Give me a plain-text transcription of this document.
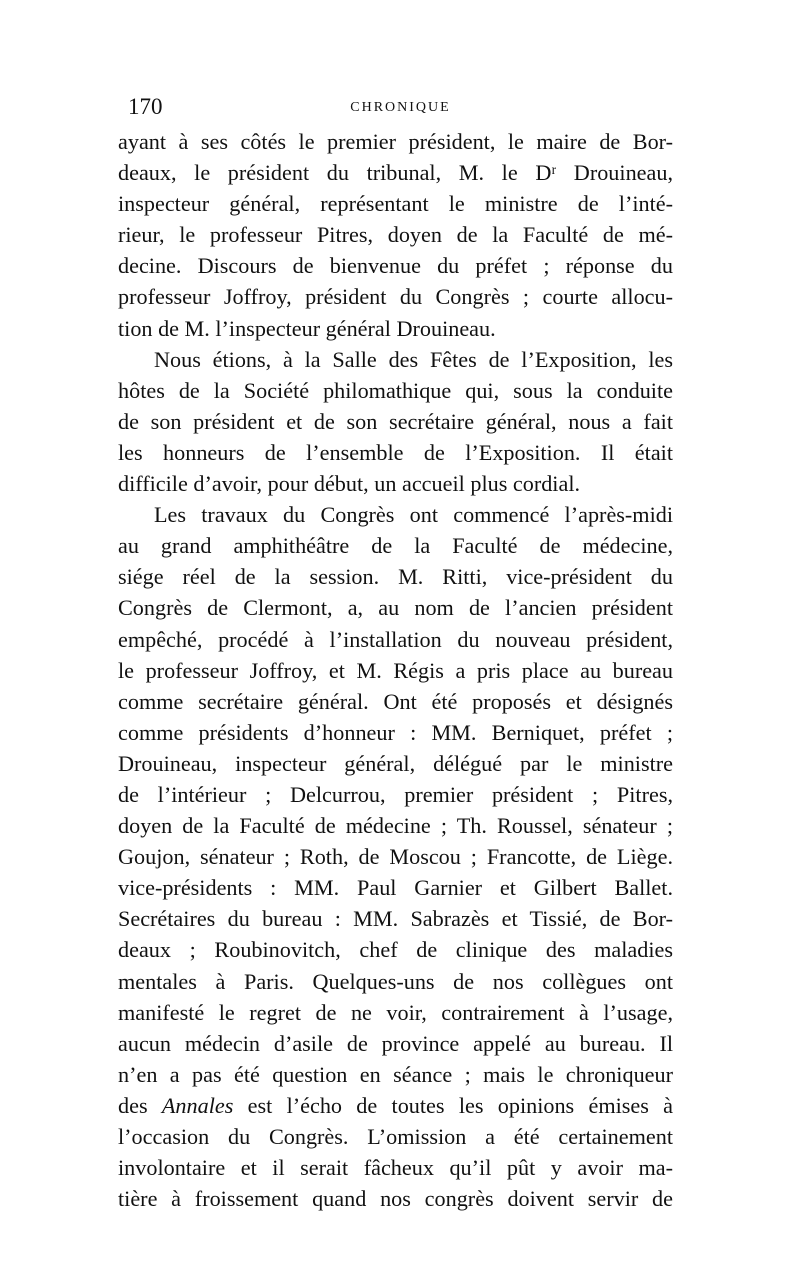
170	CHRONIQUE
ayant à ses côtés le premier président, le maire de Bor-
deaux, le président du tribunal, M. le Dʳ Drouineau,
inspecteur général, représentant le ministre de l’inté-
rieur, le professeur Pitres, doyen de la Faculté de mé-
decine. Discours de bienvenue du préfet ; réponse du
professeur Joffroy, président du Congrès ; courte allocu-
tion de M. l’inspecteur général Drouineau.
Nous étions, à la Salle des Fêtes de l’Exposition, les
hôtes de la Société philomathique qui, sous la conduite
de son président et de son secrétaire général, nous a fait
les honneurs de l’ensemble de l’Exposition. Il était
difficile d’avoir, pour début, un accueil plus cordial.
Les travaux du Congrès ont commencé l’après-midi
au grand amphithéâtre de la Faculté de médecine,
siége réel de la session. M. Ritti, vice-président du
Congrès de Clermont, a, au nom de l’ancien président
empêché, procédé à l’installation du nouveau président,
le professeur Joffroy, et M. Régis a pris place au bureau
comme secrétaire général. Ont été proposés et désignés
comme présidents d’honneur : MM. Berniquet, préfet ;
Drouineau, inspecteur général, délégué par le ministre
de l’intérieur ; Delcurrou, premier président ; Pitres,
doyen de la Faculté de médecine ; Th. Roussel, sénateur ;
Goujon, sénateur ; Roth, de Moscou ; Francotte, de Liège.
vice-présidents : MM. Paul Garnier et Gilbert Ballet.
Secrétaires du bureau : MM. Sabrazès et Tissié, de Bor-
deaux ; Roubinovitch, chef de clinique des maladies
mentales à Paris. Quelques-uns de nos collègues ont
manifesté le regret de ne voir, contrairement à l’usage,
aucun médecin d’asile de province appelé au bureau. Il
n’en a pas été question en séance ; mais le chroniqueur
des Annales est l’écho de toutes les opinions émises à
l’occasion du Congrès. L’omission a été certainement
involontaire et il serait fâcheux qu’il pût y avoir ma-
tière à froissement quand nos congrès doivent servir de
